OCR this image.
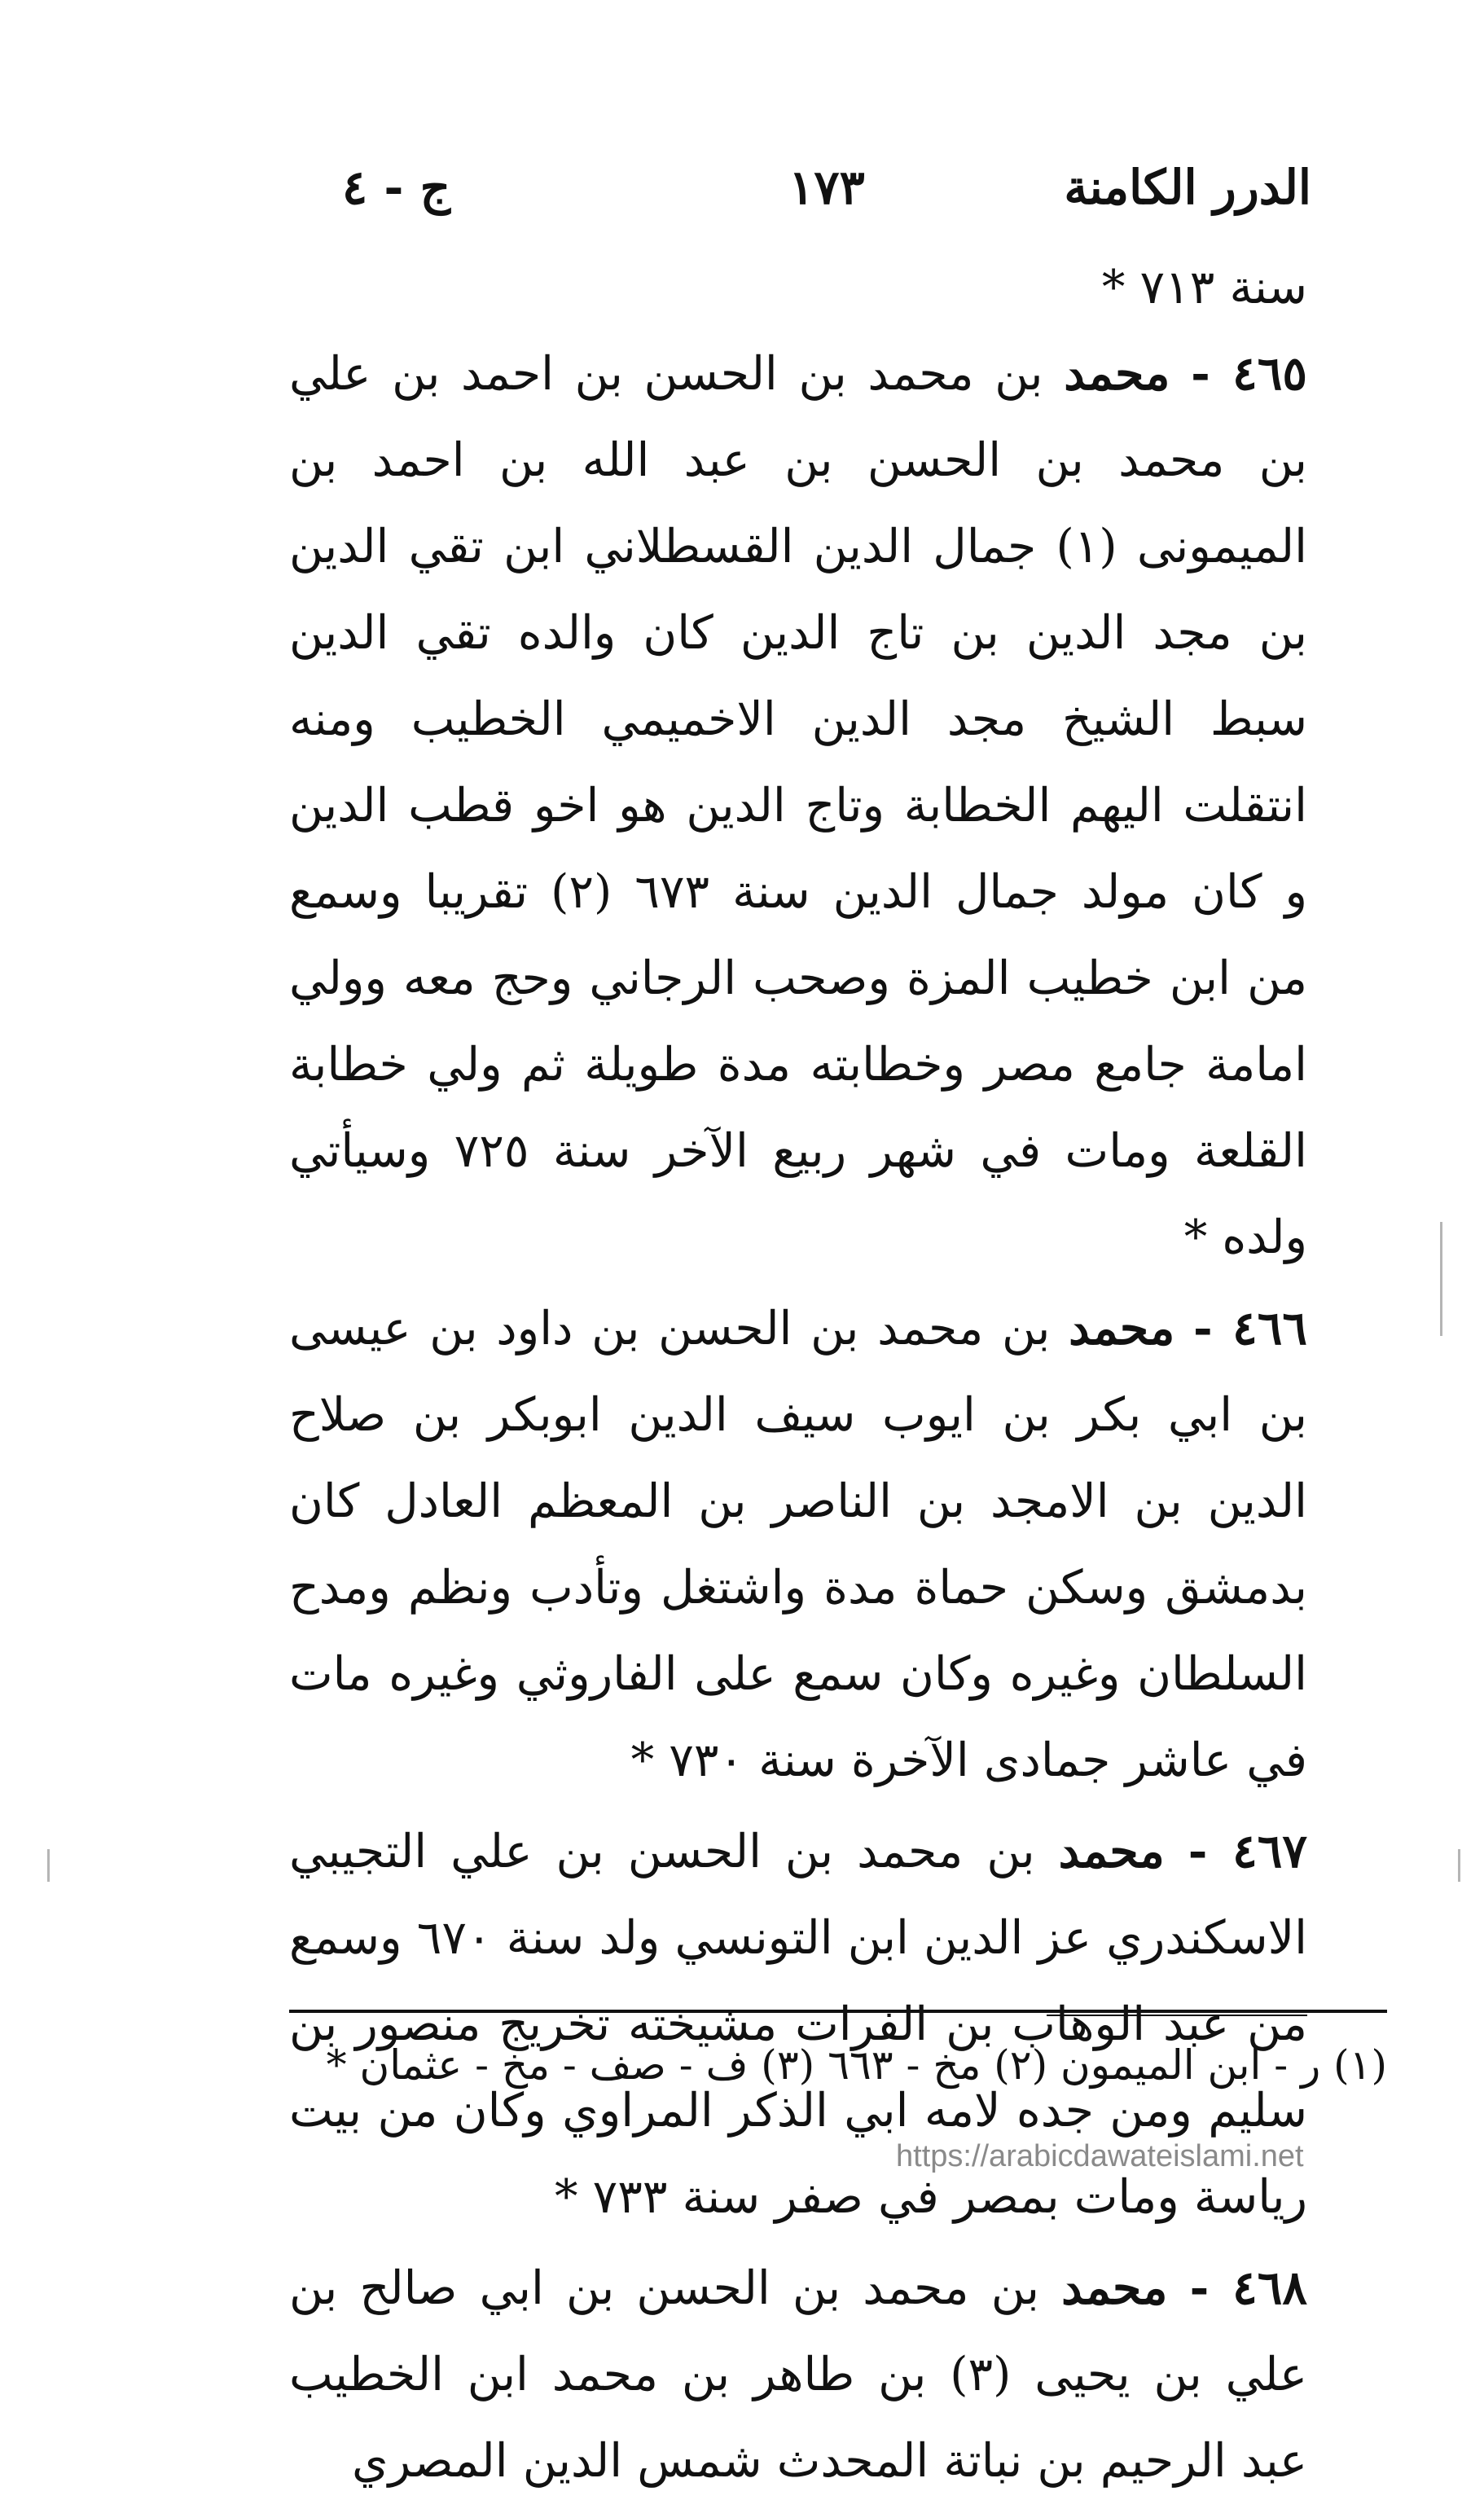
الدرر الكامنة
١٧٣
ج - ٤

سنة ٧١٣ *

٤٦٥ - محمد بن محمد بن الحسن بن احمد بن علي بن محمد بن الحسن بن عبد الله بن احمد بن الميمونى (١) جمال الدين القسطلاني ابن تقي الدين بن مجد الدين بن تاج الدين كان والده تقي الدين سبط الشيخ مجد الدين الاخميمي الخطيب ومنه انتقلت اليهم الخطابة وتاج الدين هو اخو قطب الدين و كان مولد جمال الدين سنة ٦٧٣ (٢) تقريبا وسمع من ابن خطيب المزة وصحب الرجاني وحج معه وولي امامة جامع مصر وخطابته مدة طويلة ثم ولي خطابة القلعة ومات في شهر ربيع الآخر سنة ٧٢٥ وسيأتي ولده *

٤٦٦ - محمد بن محمد بن الحسن بن داود بن عيسى بن ابي بكر بن ايوب سيف الدين ابوبكر بن صلاح الدين بن الامجد بن الناصر بن المعظم العادل كان بدمشق وسكن حماة مدة واشتغل وتأدب ونظم ومدح السلطان وغيره وكان سمع على الفاروثي وغيره مات في عاشر جمادى الآخرة سنة ٧٣٠ *

٤٦٧ - محمد بن محمد بن الحسن بن علي التجيبي الاسكندري عز الدين ابن التونسي ولد سنة ٦٧٠ وسمع من عبد الوهاب بن الفرات مشيخته تخريج منصور بن سليم ومن جده لامه ابي الذكر المراوي وكان من بيت رياسة ومات بمصر في صفر سنة ٧٣٣ *

٤٦٨ - محمد بن محمد بن الحسن بن ابي صالح بن علي بن يحيى (٣) بن طاهر بن محمد ابن الخطيب عبد الرحيم بن نباتة المحدث شمس الدين المصري

(١) ر - ابن الميمون (٢) مخ - ٦٦٣ (٣) ف - صف - مخ - عثمان *
https://arabicdawateislami.net
